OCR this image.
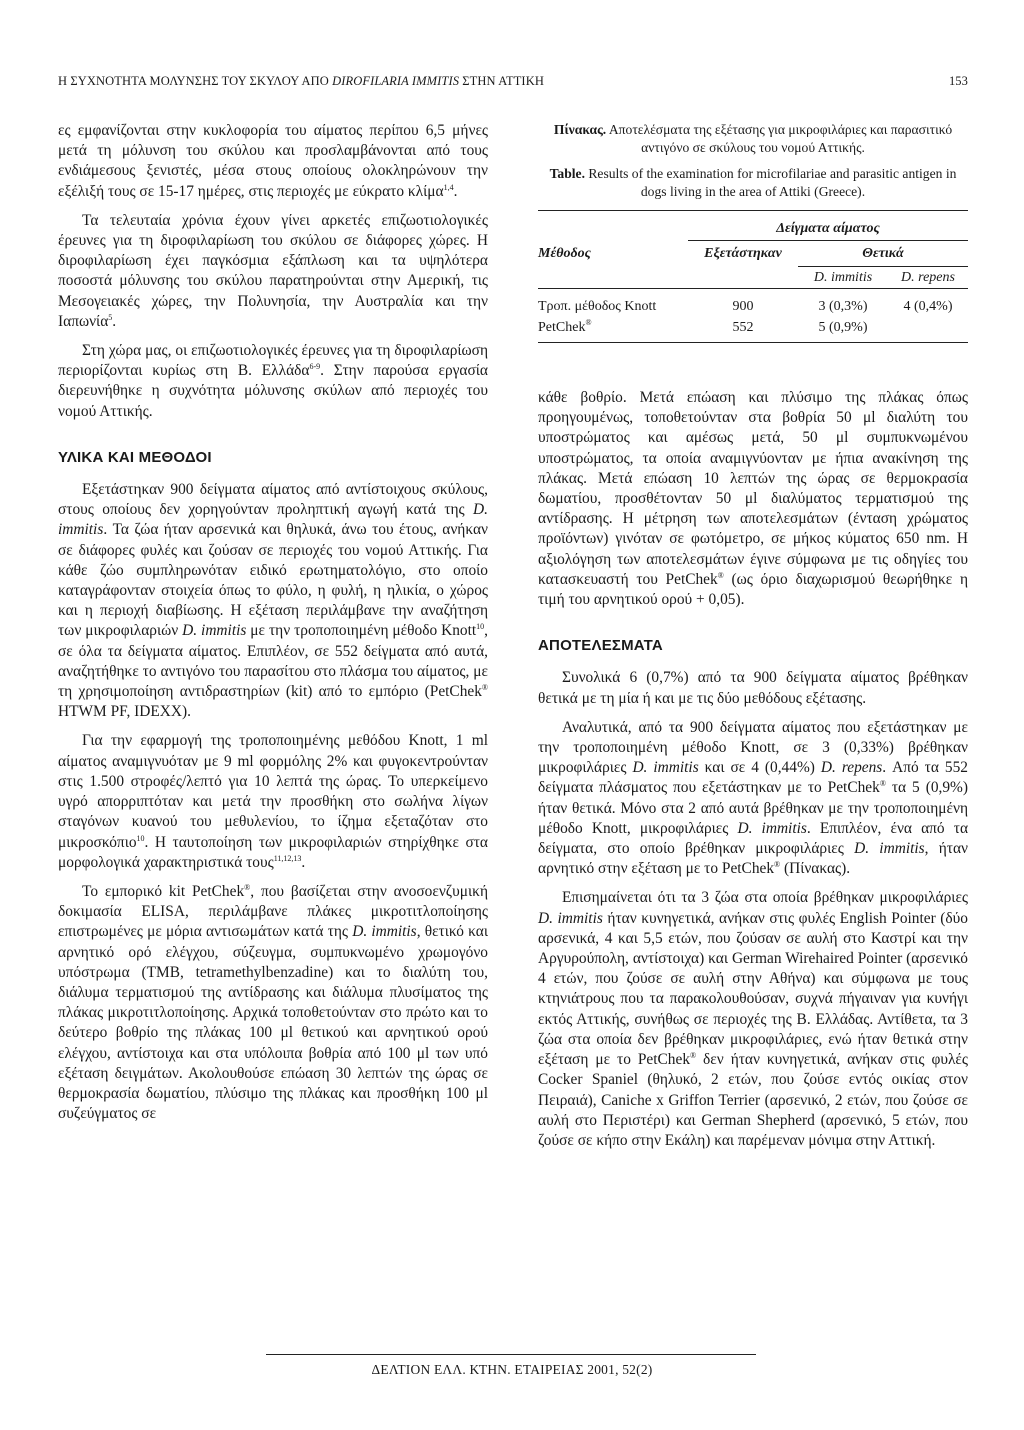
Η ΣΥΧΝΟΤΗΤΑ ΜΟΛΥΝΣΗΣ ΤΟΥ ΣΚΥΛΟΥ ΑΠΟ DIROFILARIA IMMITIS ΣΤΗΝ ΑΤΤΙΚΗ	153

ες εμφανίζονται στην κυκλοφορία του αίματος περίπου 6,5 μήνες μετά τη μόλυνση του σκύλου και προσλαμβάνονται από τους ενδιάμεσους ξενιστές, μέσα στους οποίους ολοκληρώνουν την εξέλιξή τους σε 15-17 ημέρες, στις περιοχές με εύκρατο κλίμα$^{1,4}$.

Τα τελευταία χρόνια έχουν γίνει αρκετές επιζωοτιολογικές έρευνες για τη διροφιλαρίωση του σκύλου σε διάφορες χώρες. Η διροφιλαρίωση έχει παγκόσμια εξάπλωση και τα υψηλότερα ποσοστά μόλυνσης του σκύλου παρατηρούνται στην Αμερική, τις Μεσογειακές χώρες, την Πολυνησία, την Αυστραλία και την Ιαπωνία$^5$.

Στη χώρα μας, οι επιζωοτιολογικές έρευνες για τη διροφιλαρίωση περιορίζονται κυρίως στη Β. Ελλάδα$^{6-9}$. Στην παρούσα εργασία διερευνήθηκε η συχνότητα μόλυνσης σκύλων από περιοχές του νομού Αττικής.

ΥΛΙΚΑ ΚΑΙ ΜΕΘΟΔΟΙ

Εξετάστηκαν 900 δείγματα αίματος από αντίστοιχους σκύλους, στους οποίους δεν χορηγούνταν προληπτική αγωγή κατά της D. immitis. Τα ζώα ήταν αρσενικά και θηλυκά, άνω του έτους, ανήκαν σε διάφορες φυλές και ζούσαν σε περιοχές του νομού Αττικής. Για κάθε ζώο συμπληρωνόταν ειδικό ερωτηματολόγιο, στο οποίο καταγράφονταν στοιχεία όπως το φύλο, η φυλή, η ηλικία, ο χώρος και η περιοχή διαβίωσης. Η εξέταση περιλάμβανε την αναζήτηση των μικροφιλαριών D. immitis με την τροποποιημένη μέθοδο Knott$^{10}$, σε όλα τα δείγματα αίματος. Επιπλέον, σε 552 δείγματα από αυτά, αναζητήθηκε το αντιγόνο του παρασίτου στο πλάσμα του αίματος, με τη χρησιμοποίηση αντιδραστηρίων (kit) από το εμπόριο (PetChek® HTWM PF, IDEXX).

Για την εφαρμογή της τροποποιημένης μεθόδου Knott, 1 ml αίματος αναμιγνυόταν με 9 ml φορμόλης 2% και φυγοκεντρούνταν στις 1.500 στροφές/λεπτό για 10 λεπτά της ώρας. Το υπερκείμενο υγρό απορριπτόταν και μετά την προσθήκη στο σωλήνα λίγων σταγόνων κυανού του μεθυλενίου, το ίζημα εξεταζόταν στο μικροσκόπιο$^{10}$. Η ταυτοποίηση των μικροφιλαριών στηρίχθηκε στα μορφολογικά χαρακτηριστικά τους$^{11,12,13}$.

Το εμπορικό kit PetChek®, που βασίζεται στην ανοσοενζυμική δοκιμασία ELISA, περιλάμβανε πλάκες μικροτιτλοποίησης επιστρωμένες με μόρια αντισωμάτων κατά της D. immitis, θετικό και αρνητικό ορό ελέγχου, σύζευγμα, συμπυκνωμένο χρωμογόνο υπόστρωμα (TMB, tetramethylbenzadine) και το διαλύτη του, διάλυμα τερματισμού της αντίδρασης και διάλυμα πλυσίματος της πλάκας μικροτιτλοποίησης. Αρχικά τοποθετούνταν στο πρώτο και το δεύτερο βοθρίο της πλάκας 100 μl θετικού και αρνητικού ορού ελέγχου, αντίστοιχα και στα υπόλοιπα βοθρία από 100 μl των υπό εξέταση δειγμάτων. Ακολουθούσε επώαση 30 λεπτών της ώρας σε θερμοκρασία δωματίου, πλύσιμο της πλάκας και προσθήκη 100 μl συζεύγματος σε

Πίνακας. Αποτελέσματα της εξέτασης για μικροφιλάριες και παρασιτικό αντιγόνο σε σκύλους του νομού Αττικής.
Table. Results of the examination for microfilariae and parasitic antigen in dogs living in the area of Attiki (Greece).
	Δείγματα αίματος		
Μέθοδος	Εξετάστηκαν	Θετικά	
		D. immitis	D. repens
Τροπ. μέθοδος Knott	900	3 (0,3%)	4 (0,4%)
PetChek®	552	5 (0,9%)	

κάθε βοθρίο. Μετά επώαση και πλύσιμο της πλάκας όπως προηγουμένως, τοποθετούνταν στα βοθρία 50 μl διαλύτη του υποστρώματος και αμέσως μετά, 50 μl συμπυκνωμένου υποστρώματος, τα οποία αναμιγνύονταν με ήπια ανακίνηση της πλάκας. Μετά επώαση 10 λεπτών της ώρας σε θερμοκρασία δωματίου, προσθέτονταν 50 μl διαλύματος τερματισμού της αντίδρασης. Η μέτρηση των αποτελεσμάτων (ένταση χρώματος προϊόντων) γινόταν σε φωτόμετρο, σε μήκος κύματος 650 nm. Η αξιολόγηση των αποτελεσμάτων έγινε σύμφωνα με τις οδηγίες του κατασκευαστή του PetChek® (ως όριο διαχωρισμού θεωρήθηκε η τιμή του αρνητικού ορού + 0,05).

ΑΠΟΤΕΛΕΣΜΑΤΑ

Συνολικά 6 (0,7%) από τα 900 δείγματα αίματος βρέθηκαν θετικά με τη μία ή και με τις δύο μεθόδους εξέτασης.

Αναλυτικά, από τα 900 δείγματα αίματος που εξετάστηκαν με την τροποποιημένη μέθοδο Knott, σε 3 (0,33%) βρέθηκαν μικροφιλάριες D. immitis και σε 4 (0,44%) D. repens. Από τα 552 δείγματα πλάσματος που εξετάστηκαν με το PetChek® τα 5 (0,9%) ήταν θετικά. Μόνο στα 2 από αυτά βρέθηκαν με την τροποποιημένη μέθοδο Knott, μικροφιλάριες D. immitis. Επιπλέον, ένα από τα δείγματα, στο οποίο βρέθηκαν μικροφιλάριες D. immitis, ήταν αρνητικό στην εξέταση με το PetChek® (Πίνακας).

Επισημαίνεται ότι τα 3 ζώα στα οποία βρέθηκαν μικροφιλάριες D. immitis ήταν κυνηγετικά, ανήκαν στις φυλές English Pointer (δύο αρσενικά, 4 και 5,5 ετών, που ζούσαν σε αυλή στο Καστρί και την Αργυρούπολη, αντίστοιχα) και German Wirehaired Pointer (αρσενικό 4 ετών, που ζούσε σε αυλή στην Αθήνα) και σύμφωνα με τους κτηνιάτρους που τα παρακολουθούσαν, συχνά πήγαιναν για κυνήγι εκτός Αττικής, συνήθως σε περιοχές της Β. Ελλάδας. Αντίθετα, τα 3 ζώα στα οποία δεν βρέθηκαν μικροφιλάριες, ενώ ήταν θετικά στην εξέταση με το PetChek® δεν ήταν κυνηγετικά, ανήκαν στις φυλές Cocker Spaniel (θηλυκό, 2 ετών, που ζούσε εντός οικίας στον Πειραιά), Caniche x Griffon Terrier (αρσενικό, 2 ετών, που ζούσε σε αυλή στο Περιστέρι) και German Shepherd (αρσενικό, 5 ετών, που ζούσε σε κήπο στην Εκάλη) και παρέμεναν μόνιμα στην Αττική.

ΔΕΛΤΙΟΝ ΕΛΛ. ΚΤΗΝ. ΕΤΑΙΡΕΙΑΣ 2001, 52(2)
